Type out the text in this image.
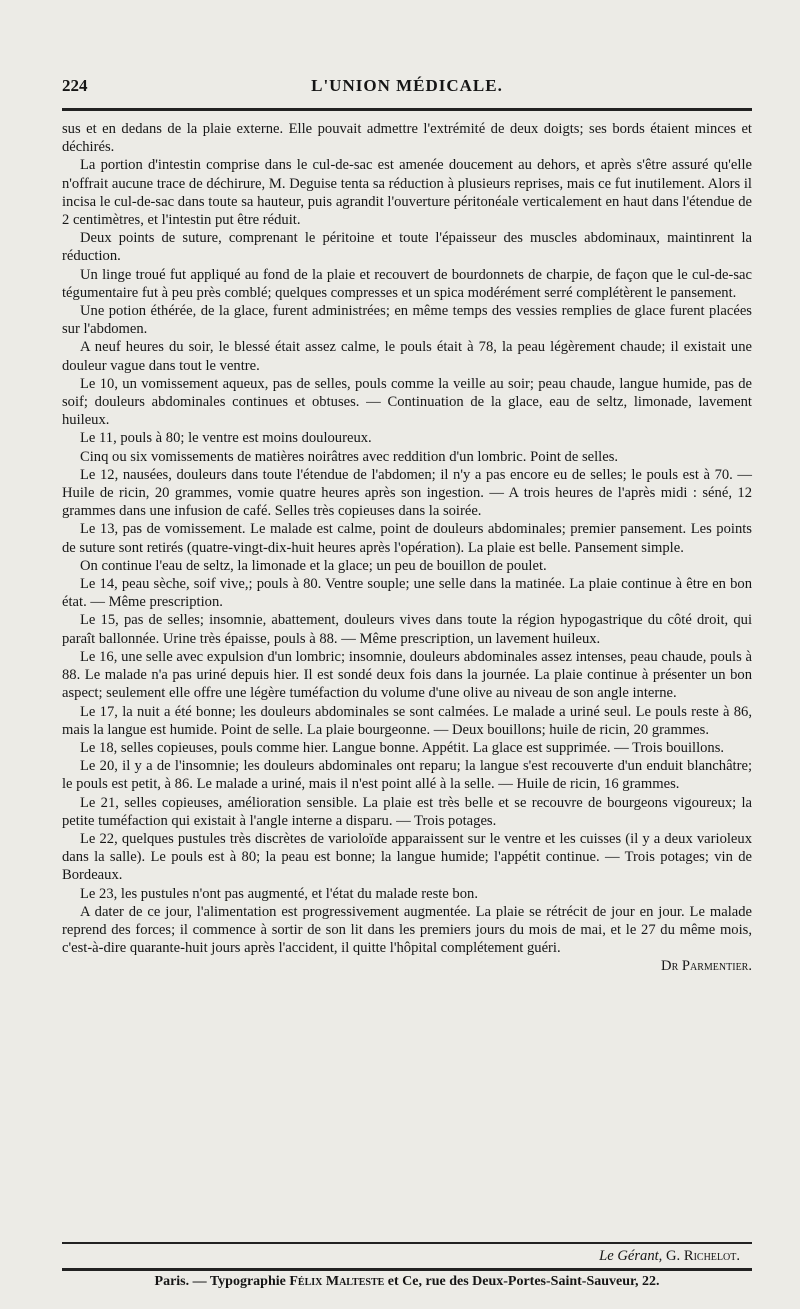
224	L'UNION MÉDICALE.

sus et en dedans de la plaie externe. Elle pouvait admettre l'extrémité de deux doigts; ses bords étaient minces et déchirés.

La portion d'intestin comprise dans le cul-de-sac est amenée doucement au dehors, et après s'être assuré qu'elle n'offrait aucune trace de déchirure, M. Deguise tenta sa réduction à plusieurs reprises, mais ce fut inutilement. Alors il incisa le cul-de-sac dans toute sa hauteur, puis agrandit l'ouverture péritonéale verticalement en haut dans l'étendue de 2 centimètres, et l'intestin put être réduit.

Deux points de suture, comprenant le péritoine et toute l'épaisseur des muscles abdominaux, maintinrent la réduction.

Un linge troué fut appliqué au fond de la plaie et recouvert de bourdonnets de charpie, de façon que le cul-de-sac tégumentaire fut à peu près comblé; quelques compresses et un spica modérément serré complétèrent le pansement.

Une potion éthérée, de la glace, furent administrées; en même temps des vessies remplies de glace furent placées sur l'abdomen.

A neuf heures du soir, le blessé était assez calme, le pouls était à 78, la peau légèrement chaude; il existait une douleur vague dans tout le ventre.

Le 10, un vomissement aqueux, pas de selles, pouls comme la veille au soir; peau chaude, langue humide, pas de soif; douleurs abdominales continues et obtuses. — Continuation de la glace, eau de seltz, limonade, lavement huileux.

Le 11, pouls à 80; le ventre est moins douloureux.

Cinq ou six vomissements de matières noirâtres avec reddition d'un lombric. Point de selles.

Le 12, nausées, douleurs dans toute l'étendue de l'abdomen; il n'y a pas encore eu de selles; le pouls est à 70. — Huile de ricin, 20 grammes, vomie quatre heures après son ingestion. — A trois heures de l'après midi : séné, 12 grammes dans une infusion de café. Selles très copieuses dans la soirée.

Le 13, pas de vomissement. Le malade est calme, point de douleurs abdominales; premier pansement. Les points de suture sont retirés (quatre-vingt-dix-huit heures après l'opération). La plaie est belle. Pansement simple.

On continue l'eau de seltz, la limonade et la glace; un peu de bouillon de poulet.

Le 14, peau sèche, soif vive,; pouls à 80. Ventre souple; une selle dans la matinée. La plaie continue à être en bon état. — Même prescription.

Le 15, pas de selles; insomnie, abattement, douleurs vives dans toute la région hypogastrique du côté droit, qui paraît ballonnée. Urine très épaisse, pouls à 88. — Même prescription, un lavement huileux.

Le 16, une selle avec expulsion d'un lombric; insomnie, douleurs abdominales assez intenses, peau chaude, pouls à 88. Le malade n'a pas uriné depuis hier. Il est sondé deux fois dans la journée. La plaie continue à présenter un bon aspect; seulement elle offre une légère tuméfaction du volume d'une olive au niveau de son angle interne.

Le 17, la nuit a été bonne; les douleurs abdominales se sont calmées. Le malade a uriné seul. Le pouls reste à 86, mais la langue est humide. Point de selle. La plaie bourgeonne. — Deux bouillons; huile de ricin, 20 grammes.

Le 18, selles copieuses, pouls comme hier. Langue bonne. Appétit. La glace est supprimée. — Trois bouillons.

Le 20, il y a de l'insomnie; les douleurs abdominales ont reparu; la langue s'est recouverte d'un enduit blanchâtre; le pouls est petit, à 86. Le malade a uriné, mais il n'est point allé à la selle. — Huile de ricin, 16 grammes.

Le 21, selles copieuses, amélioration sensible. La plaie est très belle et se recouvre de bourgeons vigoureux; la petite tuméfaction qui existait à l'angle interne a disparu. — Trois potages.

Le 22, quelques pustules très discrètes de varioloïde apparaissent sur le ventre et les cuisses (il y a deux varioleux dans la salle). Le pouls est à 80; la peau est bonne; la langue humide; l'appétit continue. — Trois potages; vin de Bordeaux.

Le 23, les pustules n'ont pas augmenté, et l'état du malade reste bon.

A dater de ce jour, l'alimentation est progressivement augmentée. La plaie se rétrécit de jour en jour. Le malade reprend des forces; il commence à sortir de son lit dans les premiers jours du mois de mai, et le 27 du même mois, c'est-à-dire quarante-huit jours après l'accident, il quitte l'hôpital complétement guéri.

Dr Parmentier.
Le Gérant, G. Richelot.
Paris. — Typographie Félix Malteste et Ce, rue des Deux-Portes-Saint-Sauveur, 22.
